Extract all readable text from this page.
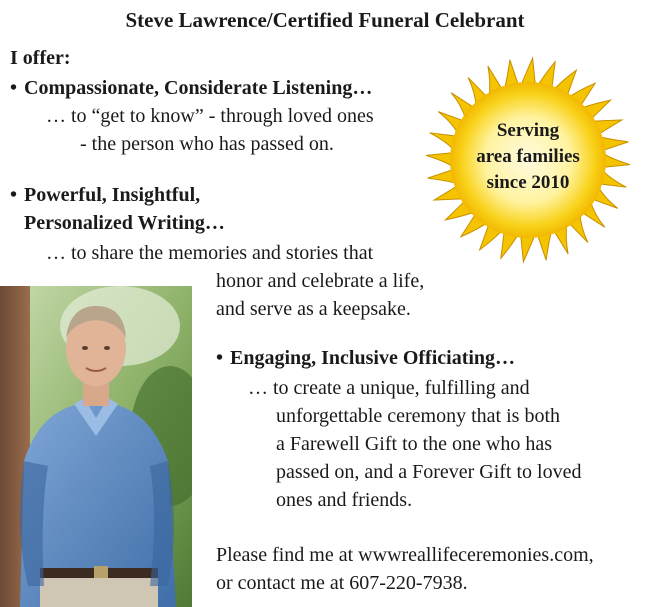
Steve Lawrence/Certified Funeral Celebrant
I offer:
• Compassionate, Considerate Listening…
… to “get to know” - through loved ones
- the person who has passed on.
• Powerful, Insightful,
Personalized Writing…
… to share the memories and stories that
honor and celebrate a life,
and serve as a keepsake.
• Engaging, Inclusive Officiating…
… to create a unique, fulfilling and
unforgettable ceremony that is both
a Farewell Gift to the one who has
passed on, and a Forever Gift to loved
ones and friends.
Please find me at wwwreallifeceremonies.com,
or contact me at 607-220-7938.
Serving
area families
since 2010
